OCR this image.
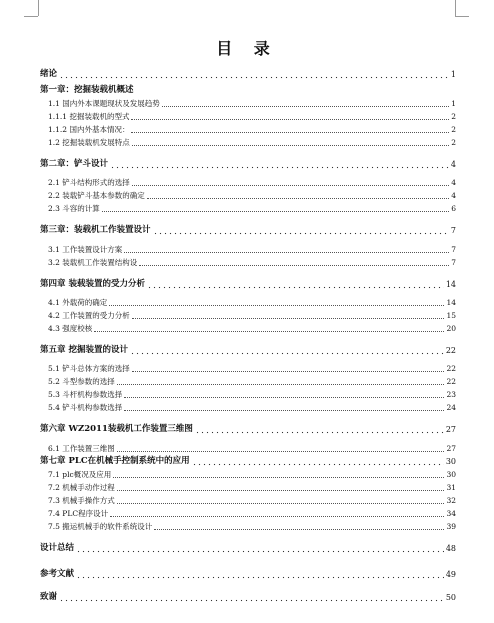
目 录
绪论	1
第一章：挖掘装载机概述
1.1 国内外本课题现状及发展趋势	1
1.1.1 挖掘装载机的型式	2
1.1.2 国内外基本情况：	2
1.2 挖掘装载机发展特点	2
第二章：铲斗设计	4
2.1 铲斗结构形式的选择	4
2.2 装载铲斗基本参数的确定	4
2.3 斗容的计算	6
第三章：装载机工作装置设计	7
3.1 工作装置设计方案	7
3.2 装载机工作装置结构设	7
第四章 装载装置的受力分析	14
4.1 外载荷的确定	14
4.2 工作装置的受力分析	15
4.3 强度校核	20
第五章 挖掘装置的设计	22
5.1 铲斗总体方案的选择	22
5.2 斗型参数的选择	22
5.3 斗杆机构参数选择	23
5.4 铲斗机构参数选择	24
第六章 WZ2011装载机工作装置三维图	27
6.1 工作装置三维图	27
第七章 PLC在机械手控制系统中的应用	30
7.1 plc概况及应用	30
7.2 机械手动作过程	31
7.3 机械手操作方式	32
7.4 PLC程序设计	34
7.5 搬运机械手的软件系统设计	39
设计总结	48
参考文献	49
致谢	50
